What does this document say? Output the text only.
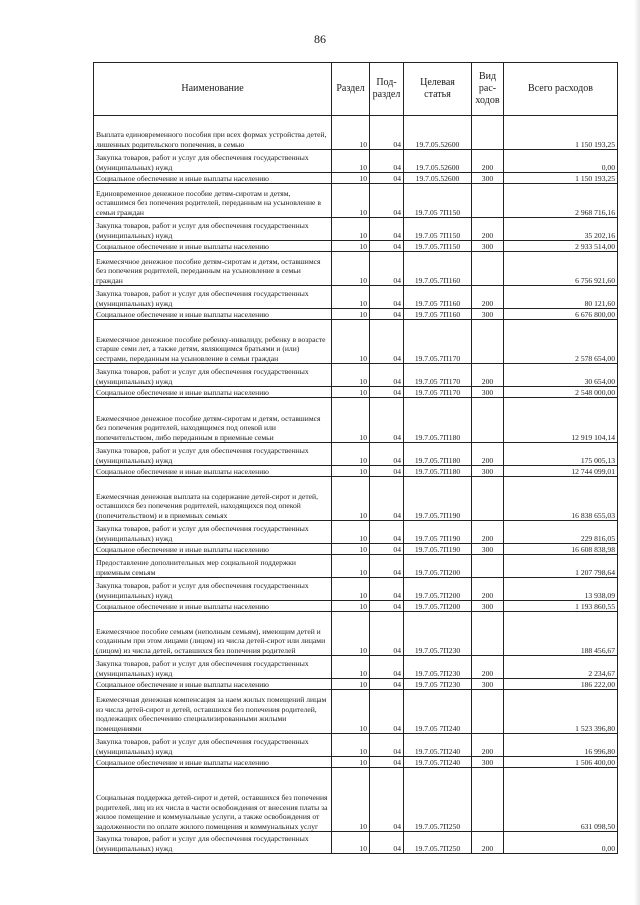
86
Наименование	Раздел	Под-раздел	Целевая статья	Вид рас-ходов	Всего расходов
Выплата единовременного пособия при всех формах устройства детей, лишенных родительского попечения, в семью	10	04	19.7.05.52600		1 150 193,25
Закупка товаров, работ и услуг для обеспечения государственных (муниципальных) нужд	10	04	19.7.05.52600	200	0,00
Социальное обеспечение и иные выплаты населению	10	04	19.7.05.52600	300	1 150 193,25
Единовременное денежное пособие детям-сиротам и детям, оставшимся без попечения родителей, переданным на усыновление в семьи граждан	10	04	19.7.05 7П150		2 968 716,16
Закупка товаров, работ и услуг для обеспечения государственных (муниципальных) нужд	10	04	19.7.05 7П150	200	35 202,16
Социальное обеспечение и иные выплаты населению	10	04	19.7.05.7П150	300	2 933 514,00
Ежемесячное денежное пособие детям-сиротам и детям, оставшимся без попечения родителей, переданным на усыновление в семьи граждан	10	04	19.7.05.7П160		6 756 921,60
Закупка товаров, работ и услуг для обеспечения государственных (муниципальных) нужд	10	04	19.7.05 7П160	200	80 121,60
Социальное обеспечение и иные выплаты населению	10	04	19.7.05 7П160	300	6 676 800,00
Ежемесячное денежное пособие ребенку-инвалиду, ребенку в возрасте старше семи лет, а также детям, являющимся братьями и (или) сестрами, переданным на усыновление в семьи граждан	10	04	19.7.05.7П170		2 578 654,00
Закупка товаров, работ и услуг для обеспечения государственных (муниципальных) нужд	10	04	19.7.05 7П170	200	30 654,00
Социальное обеспечение и иные выплаты населению	10	04	19.7.05 7П170	300	2 548 000,00
Ежемесячное денежное пособие детям-сиротам и детям, оставшимся без попечения родителей, находящимся под опекой или попечительством, либо переданным в приемные семьи	10	04	19.7.05.7П180		12 919 104,14
Закупка товаров, работ и услуг для обеспечения государственных (муниципальных) нужд	10	04	19.7.05.7П180	200	175 005,13
Социальное обеспечение и иные выплаты населению	10	04	19.7.05.7П180	300	12 744 099,01
Ежемесячная денежная выплата на содержание детей-сирот и детей, оставшихся без попечения родителей, находящихся под опекой (попечительством) и в приемных семьях	10	04	19.7.05.7П190		16 838 655,03
Закупка товаров, работ и услуг для обеспечения государственных (муниципальных) нужд	10	04	19.7.05 7П190	200	229 816,05
Социальное обеспечение и иные выплаты населению	10	04	19.7.05.7П190	300	16 608 838,98
Предоставление дополнительных мер социальной поддержки приемным семьям	10	04	19.7.05.7П200		1 207 798,64
Закупка товаров, работ и услуг для обеспечения государственных (муниципальных) нужд	10	04	19.7.05.7П200	200	13 938,09
Социальное обеспечение и иные выплаты населению	10	04	19.7.05.7П200	300	1 193 860,55
Ежемесячное пособие семьям (неполным семьям), имеющим детей и созданным при этом лицами (лицом) из числа детей-сирот или лицами (лицом) из числа детей, оставшихся без попечения родителей	10	04	19.7.05.7П230		188 456,67
Закупка товаров, работ и услуг для обеспечения государственных (муниципальных) нужд	10	04	19.7.05.7П230	200	2 234,67
Социальное обеспечение и иные выплаты населению	10	04	19.7.05 7П230	300	186 222,00
Ежемесячная денежная компенсация за наем жилых помещений лицам из числа детей-сирот и детей, оставшихся без попечения родителей, подлежащих обеспечению специализированными жилыми помещениями	10	04	19.7.05 7П240		1 523 396,80
Закупка товаров, работ и услуг для обеспечения государственных (муниципальных) нужд	10	04	19.7.05.7П240	200	16 996,80
Социальное обеспечение и иные выплаты населению	10	04	19.7.05.7П240	300	1 506 400,00
Социальная поддержка детей-сирот и детей, оставшихся без попечения родителей, лиц из их числа в части освобождения от внесения платы за жилое помещение и коммунальные услуги, а также освобождения от задолженности по оплате жилого помещения и коммунальных услуг	10	04	19.7.05.7П250		631 098,50
Закупка товаров, работ и услуг для обеспечения государственных (муниципальных) нужд	10	04	19.7.05.7П250	200	0,00
